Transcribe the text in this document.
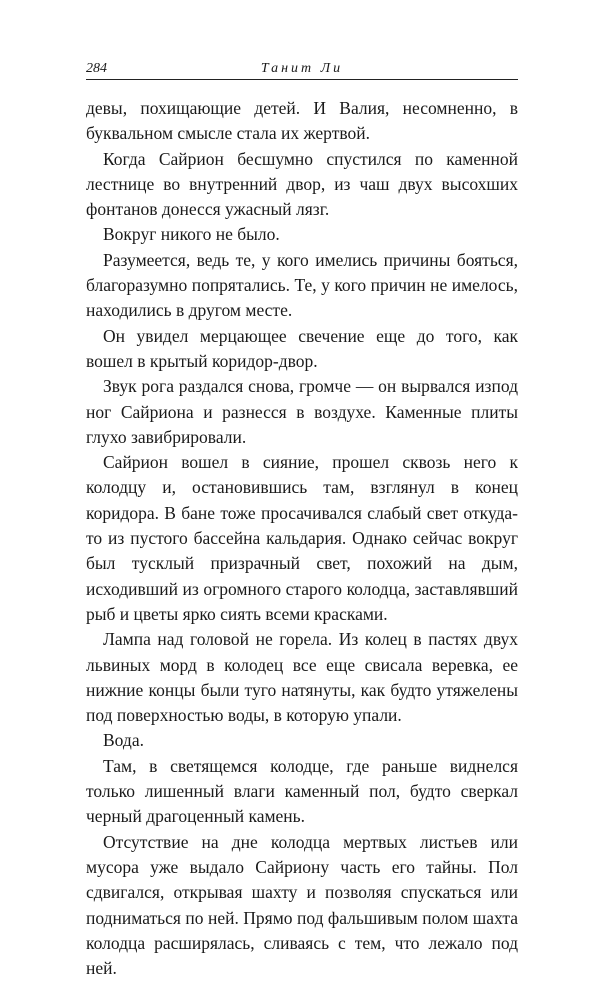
284	Танит Ли

девы, похищающие детей. И Валия, несомненно, в буквальном смысле стала их жертвой.

Когда Сайрион бесшумно спустился по каменной лестнице во внутренний двор, из чаш двух высохших фонтанов донесся ужасный лязг.

Вокруг никого не было.

Разумеется, ведь те, у кого имелись причины бояться, благоразумно попрятались. Те, у кого причин не имелось, находились в другом месте.

Он увидел мерцающее свечение еще до того, как вошел в крытый коридор-двор.

Звук рога раздался снова, громче — он вырвался изпод ног Сайриона и разнесся в воздухе. Каменные плиты глухо завибрировали.

Сайрион вошел в сияние, прошел сквозь него к колодцу и, остановившись там, взглянул в конец коридора. В бане тоже просачивался слабый свет откуда-то из пустого бассейна кальдария. Однако сейчас вокруг был тусклый призрачный свет, похожий на дым, исходивший из огромного старого колодца, заставлявший рыб и цветы ярко сиять всеми красками.

Лампа над головой не горела. Из колец в пастях двух львиных морд в колодец все еще свисала веревка, ее нижние концы были туго натянуты, как будто утяжелены под поверхностью воды, в которую упали.

Вода.

Там, в светящемся колодце, где раньше виднелся только лишенный влаги каменный пол, будто сверкал черный драгоценный камень.

Отсутствие на дне колодца мертвых листьев или мусора уже выдало Сайриону часть его тайны. Пол сдвигался, открывая шахту и позволяя спускаться или подниматься по ней. Прямо под фальшивым полом шахта колодца расширялась, сливаясь с тем, что лежало под ней.
